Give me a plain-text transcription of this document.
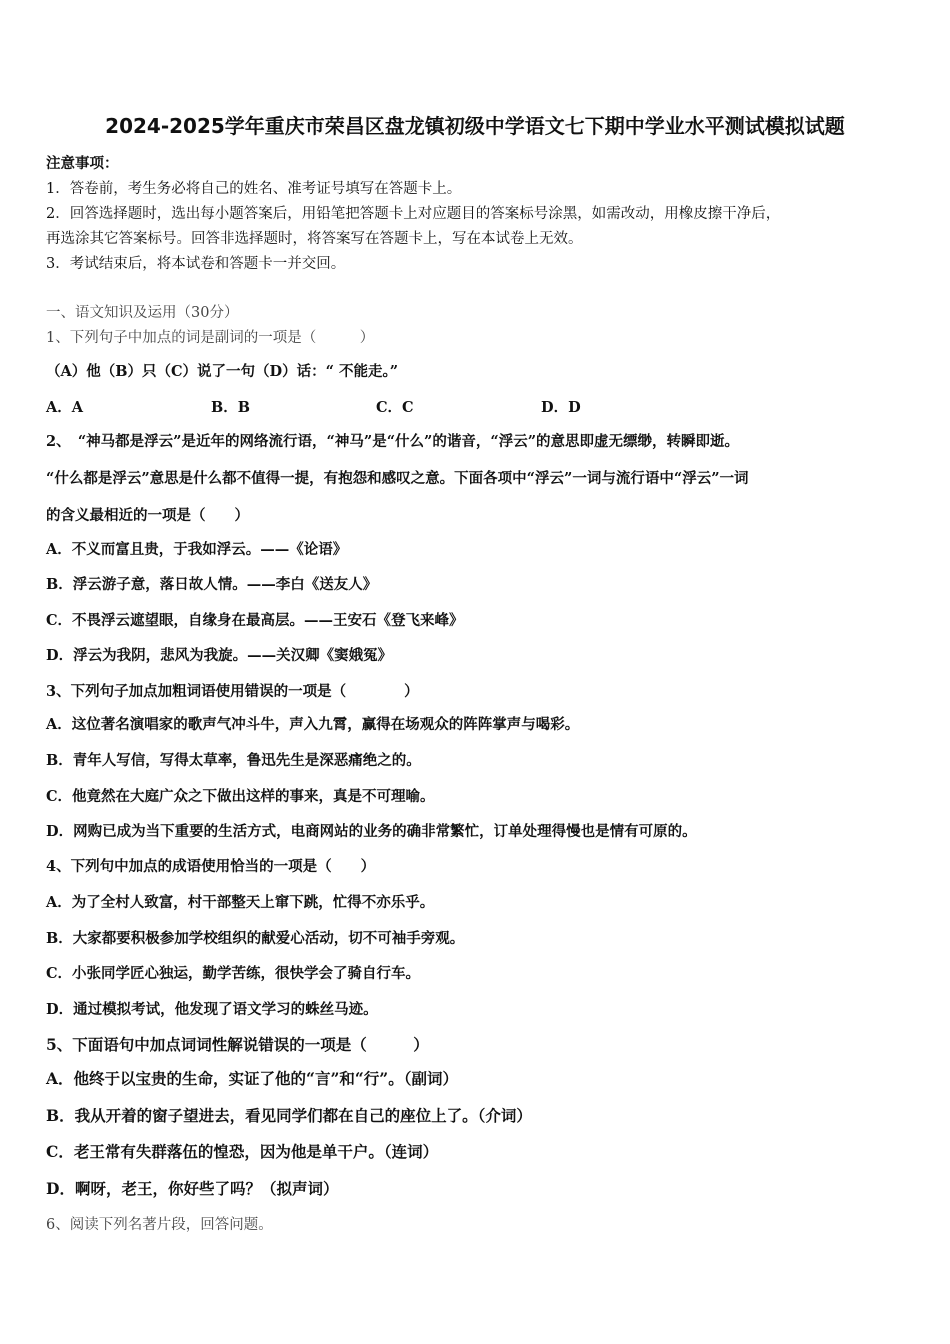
2024-2025学年重庆市荣昌区盘龙镇初级中学语文七下期中学业水平测试模拟试题
注意事项：
1．答卷前，考生务必将自己的姓名、准考证号填写在答题卡上。
2．回答选择题时，选出每小题答案后，用铅笔把答题卡上对应题目的答案标号涂黑，如需改动，用橡皮擦干净后，
再选涂其它答案标号。回答非选择题时，将答案写在答题卡上，写在本试卷上无效。
3．考试结束后，将本试卷和答题卡一并交回。
一、语文知识及运用（30分）
1、下列句子中加点的词是副词的一项是（　　　）
（A）他（B）只（C）说了一句（D）话：“ 不能走。”
A．A	B．B	C．C	D．D
2、　“神马都是浮云”是近年的网络流行语，“神马”是“什么”的谐音，“浮云”的意思即虚无缥缈，转瞬即逝。
“什么都是浮云”意思是什么都不值得一提，有抱怨和感叹之意。下面各项中“浮云”一词与流行语中“浮云”一词
的含义最相近的一项是（　　）
A．不义而富且贵，于我如浮云。——《论语》
B．浮云游子意，落日故人情。——李白《送友人》
C．不畏浮云遮望眼，自缘身在最高层。——王安石《登飞来峰》
D．浮云为我阴，悲风为我旋。——关汉卿《窦娥冤》
3、下列句子加点加粗词语使用错误的一项是（　　　　）
A．这位著名演唱家的歌声气冲斗牛，声入九霄，赢得在场观众的阵阵掌声与喝彩。
B．青年人写信，写得太草率，鲁迅先生是深恶痛绝之的。
C．他竟然在大庭广众之下做出这样的事来，真是不可理喻。
D．网购已成为当下重要的生活方式，电商网站的业务的确非常繁忙，订单处理得慢也是情有可原的。
4、下列句中加点的成语使用恰当的一项是（　　）
A．为了全村人致富，村干部整天上窜下跳，忙得不亦乐乎。
B．大家都要积极参加学校组织的献爱心活动，切不可袖手旁观。
C．小张同学匠心独运，勤学苦练，很快学会了骑自行车。
D．通过模拟考试，他发现了语文学习的蛛丝马迹。
5、下面语句中加点词词性解说错误的一项是（　　　）
A．他终于以宝贵的生命，实证了他的“言”和“行”。（副词）
B．我从开着的窗子望进去，看见同学们都在自己的座位上了。（介词）
C．老王常有失群落伍的惶恐，因为他是单干户。（连词）
D．啊呀，老王，你好些了吗？（拟声词）
6、阅读下列名著片段，回答问题。
